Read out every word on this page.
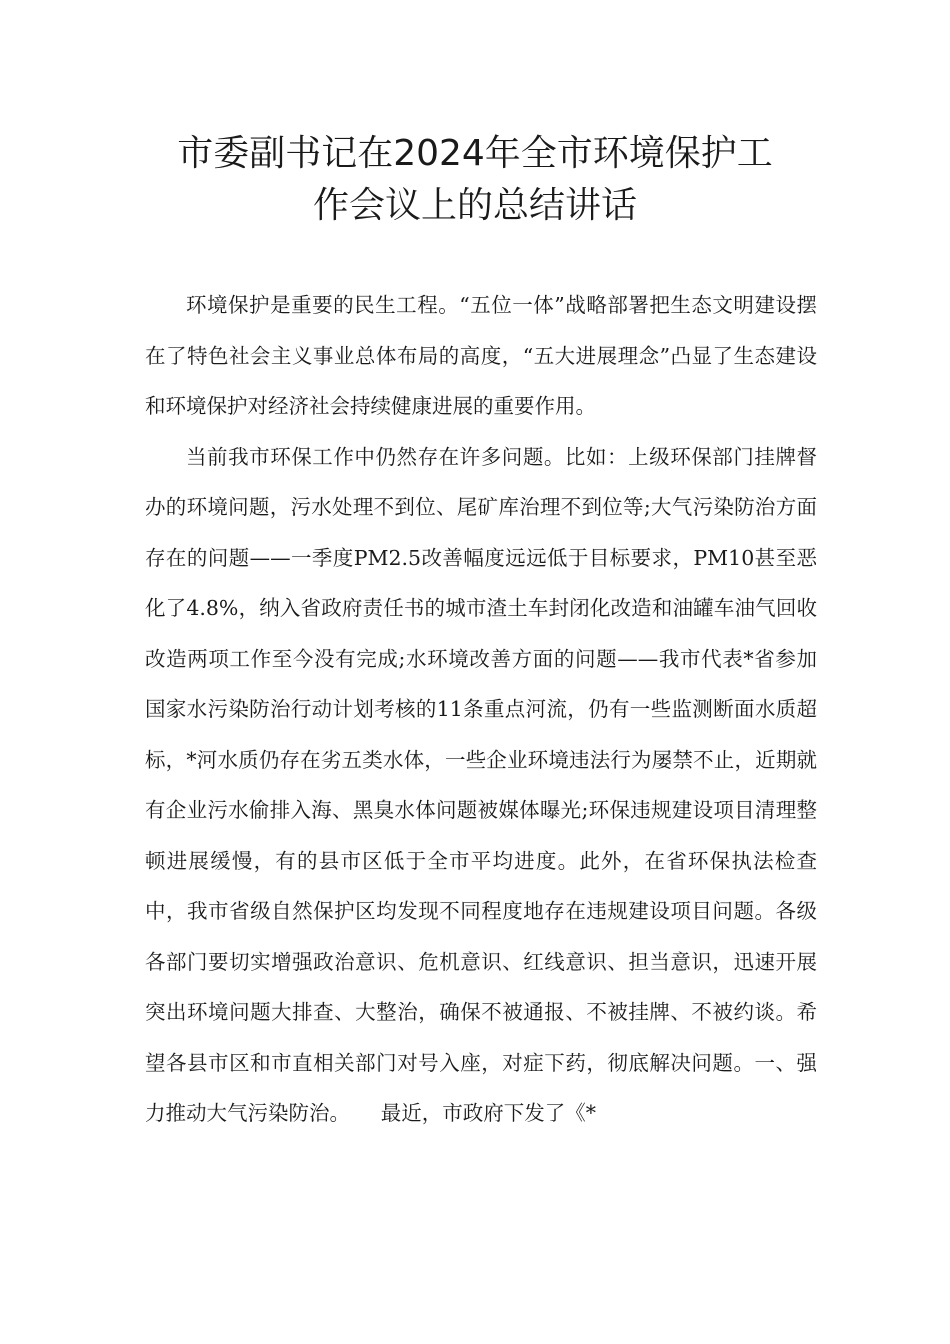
市委副书记在2024年全市环境保护工
作会议上的总结讲话

环境保护是重要的民生工程。“五位一体”战略部署把生态文明建设摆在了特色社会主义事业总体布局的高度，“五大进展理念”凸显了生态建设和环境保护对经济社会持续健康进展的重要作用。

当前我市环保工作中仍然存在许多问题。比如：上级环保部门挂牌督办的环境问题，污水处理不到位、尾矿库治理不到位等;大气污染防治方面存在的问题——一季度PM2.5改善幅度远远低于目标要求，PM10甚至恶化了4.8%，纳入省政府责任书的城市渣土车封闭化改造和油罐车油气回收改造两项工作至今没有完成;水环境改善方面的问题——我市代表*省参加国家水污染防治行动计划考核的11条重点河流，仍有一些监测断面水质超标，*河水质仍存在劣五类水体，一些企业环境违法行为屡禁不止，近期就有企业污水偷排入海、黑臭水体问题被媒体曝光;环保违规建设项目清理整顿进展缓慢，有的县市区低于全市平均进度。此外，在省环保执法检查中，我市省级自然保护区均发现不同程度地存在违规建设项目问题。各级各部门要切实增强政治意识、危机意识、红线意识、担当意识，迅速开展突出环境问题大排查、大整治，确保不被通报、不被挂牌、不被约谈。希望各县市区和市直相关部门对号入座，对症下药，彻底解决问题。一、强力推动大气污染防治。　　最近，市政府下发了《*
